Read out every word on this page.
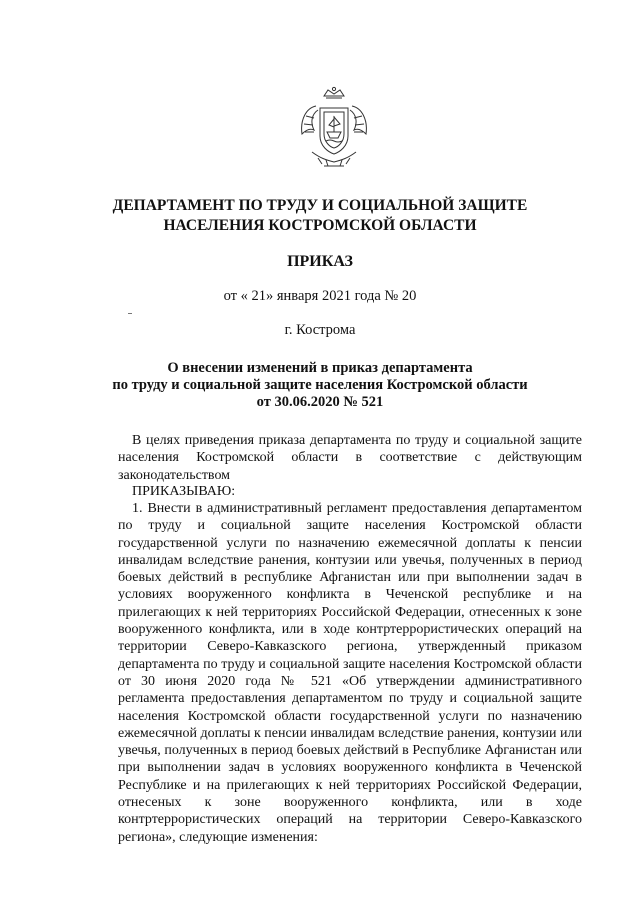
ДЕПАРТАМЕНТ ПО ТРУДУ И СОЦИАЛЬНОЙ ЗАЩИТЕ
НАСЕЛЕНИЯ КОСТРОМСКОЙ ОБЛАСТИ
ПРИКАЗ
от « 21» января 2021 года № 20
г. Кострома
О внесении изменений в приказ департамента
по труду и социальной защите населения Костромской области
от 30.06.2020 № 521
В целях приведения приказа департамента по труду и социальной защите населения Костромской области в соответствие с действующим законодательством
ПРИКАЗЫВАЮ:
1. Внести в административный регламент предоставления департаментом по труду и социальной защите населения Костромской области государственной услуги по назначению ежемесячной доплаты к пенсии инвалидам вследствие ранения, контузии или увечья, полученных в период боевых действий в республике Афганистан или при выполнении задач в условиях вооруженного конфликта в Чеченской республике и на прилегающих к ней территориях Российской Федерации, отнесенных к зоне вооруженного конфликта, или в ходе контртеррористических операций на территории Северо-Кавказского региона, утвержденный приказом департамента по труду и социальной защите населения Костромской области от 30 июня 2020 года № 521 «Об утверждении административного регламента предоставления департаментом по труду и социальной защите населения Костромской области государственной услуги по назначению ежемесячной доплаты к пенсии инвалидам вследствие ранения, контузии или увечья, полученных в период боевых действий в Республике Афганистан или при выполнении задач в условиях вооруженного конфликта в Чеченской Республике и на прилегающих к ней территориях Российской Федерации, отнесеных к зоне вооруженного конфликта, или в ходе контртеррористических операций на территории Северо-Кавказского региона», следующие изменения:
